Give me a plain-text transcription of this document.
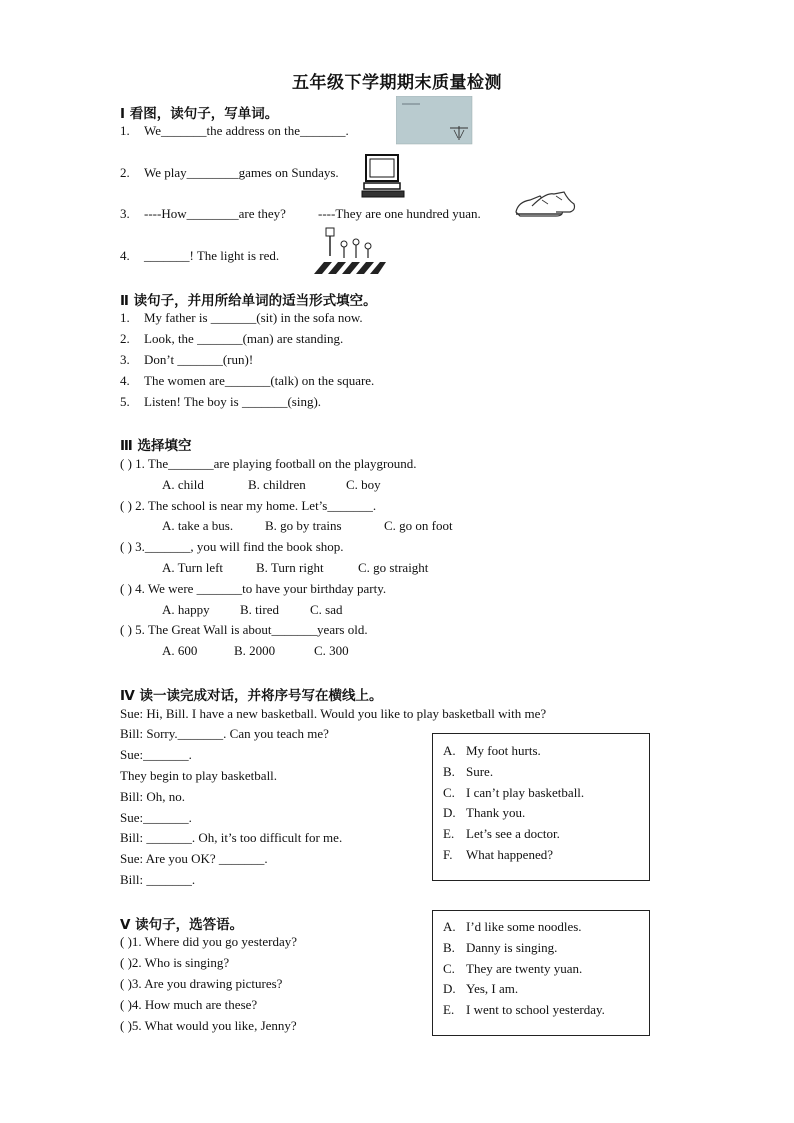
五年级下学期期末质量检测
Ⅰ 看图，读句子，写单词。
1. We_______the address on the_______.
2. We play________games on Sundays.
3. ----How________are they? ----They are one hundred yuan.
4. _______! The light is red.
Ⅱ 读句子，并用所给单词的适当形式填空。
1. My father is _______(sit) in the sofa now.
2. Look, the _______(man) are standing.
3. Don’t _______(run)!
4. The women are_______(talk) on the square.
5. Listen! The boy is _______(sing).
Ⅲ 选择填空
( ) 1. The_______are playing football on the playground.
A. child	B. children	C. boy
( ) 2. The school is near my home. Let’s_______.
A. take a bus. B. go by trains	C. go on foot
( ) 3._______, you will find the book shop.
A. Turn left	B. Turn right	C. go straight
( ) 4. We were _______to have your birthday party.
A. happy B. tired C. sad
( ) 5. The Great Wall is about_______years old.
A. 600	B. 2000	C. 300
Ⅳ 读一读完成对话，并将序号写在横线上。
Sue: Hi, Bill. I have a new basketball. Would you like to play basketball with me?
Bill: Sorry._______. Can you teach me?
Sue:_______.
They begin to play basketball.
Bill: Oh, no.
Sue:_______.
Bill: _______. Oh, it’s too difficult for me.
Sue: Are you OK? _______.
Bill: _______.
A. My foot hurts.
B. Sure.
C. I can’t play basketball.
D. Thank you.
E. Let’s see a doctor.
F. What happened?
Ⅴ 读句子，选答语。
( )1. Where did you go yesterday?
( )2. Who is singing?
( )3. Are you drawing pictures?
( )4. How much are these?
( )5. What would you like, Jenny?
A. I’d like some noodles.
B. Danny is singing.
C. They are twenty yuan.
D. Yes, I am.
E. I went to school yesterday.
